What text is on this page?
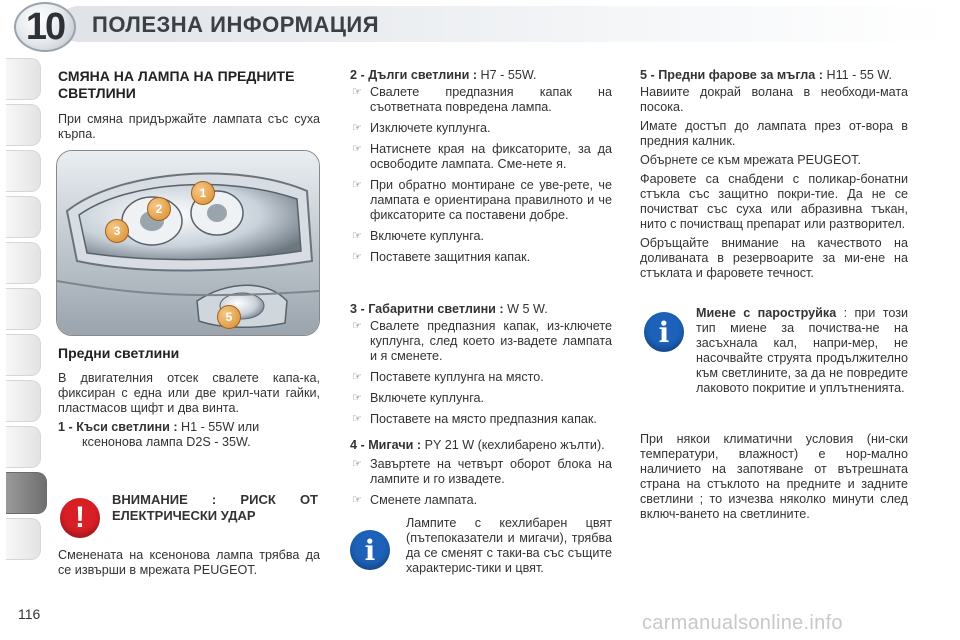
10	ПОЛЕЗНА ИНФОРМАЦИЯ
СМЯНА НА ЛАМПА НА ПРЕДНИТЕ СВЕТЛИНИ

При смяна придържайте лампата със суха кърпа.

1
2
3
5
Предни светлини

В двигателния отсек свалете капа-ка, фиксиран с една или две крил-чати гайки, пластмасов щифт и два винта.

1 - Къси светлини : Н1 - 55W или

ксенонова лампа D2S - 35W.

!
ВНИМАНИЕ : РИСК ОТ ЕЛЕКТРИЧЕСКИ УДАР
Сменената на ксенонова лампа трябва да се извърши в мрежата PEUGEOT.

2 - Дълги светлини : Н7 - 55W.

☞ Свалете предпазния капак на съответната повредена лампа.
☞ Изключете куплунга.
☞ Натиснете края на фиксаторите, за да освободите лампата. Сме-нете я.
☞ При обратно монтиране се уве-рете, че лампата е ориентирана правилното и че фиксаторите са поставени добре.
☞ Включете куплунга.
☞ Поставете защитния капак.

3 - Габаритни светлини : W 5 W.

☞ Свалете предпазния капак, из-ключете куплунга, след което из-вадете лампата и я сменете.
☞ Поставете куплунга на място.
☞ Включете куплунга.
☞ Поставете на място предпазния капак.

4 - Мигачи : PY 21 W (кехлибарено жълти).

☞ Завъртете на четвърт оборот блока на лампите и го извадете.
☞ Сменете лампата.
i
Лампите с кехлибарен цвят (пътепоказатели и мигачи), трябва да се сменят с таки-ва със същите характерис-тики и цвят.

5 - Предни фарове за мъгла : Н11 - 55 W.

Навиите докрай волана в необходи-мата посока.

Имате достъп до лампата през от-вора в предния калник.

Обърнете се към мрежата PEUGEOT.

Фаровете са снабдени с поликар-бонатни стъкла със защитно покри-тие. Да не се почистват със суха или абразивна тъкан, нито с почистващ препарат или разтворител.

Обръщайте внимание на качеството на доливаната в резервоарите за ми-ене на стъклата и фаровете течност.

i
Миене с пароструйка : при този тип миене за почиства-не на засъхнала кал, напри-мер, не насочвайте струята продължително към светлините, за да не повредите лаковото покритие и уплътненията.
При някои климатични условия (ни-ски температури, влажност) е нор-мално наличието на запотяване от вътрешната страна на стъклото на предните и задните светлини ; то изчезва няколко минути след включ-ването на светлините.
116	carmanualsonline.info
